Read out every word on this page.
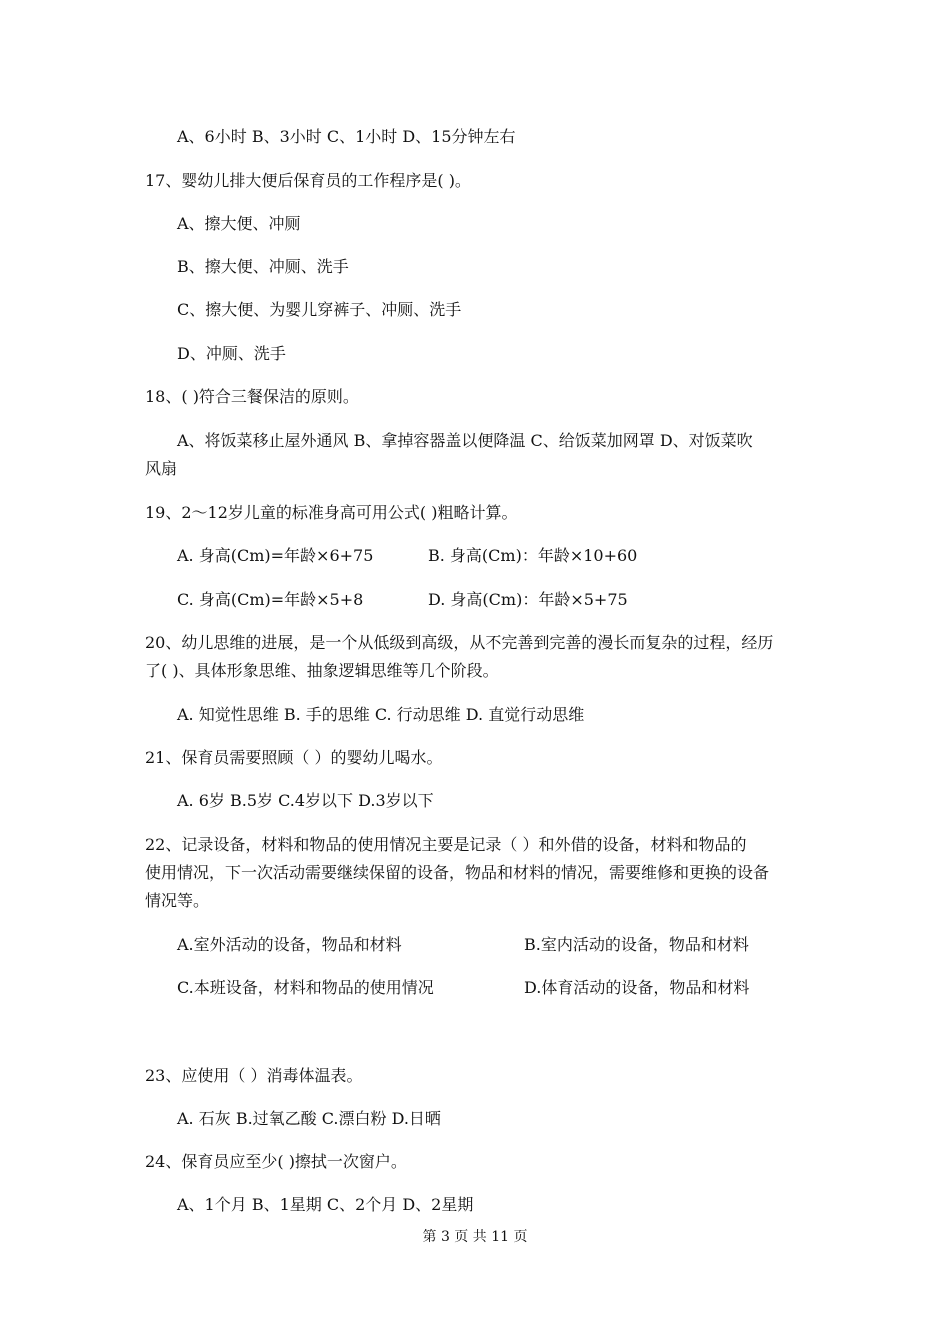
A、6小时 B、3小时 C、1小时 D、15分钟左右
17、婴幼儿排大便后保育员的工作程序是( )。
A、擦大便、冲厕
B、擦大便、冲厕、洗手
C、擦大便、为婴儿穿裤子、冲厕、洗手
D、冲厕、洗手
18、( )符合三餐保洁的原则。
A、将饭菜移止屋外通风 B、拿掉容器盖以便降温 C、给饭菜加网罩 D、对饭菜吹
风扇
19、2～12岁儿童的标准身高可用公式( )粗略计算。
A. 身高(Cm)=年龄×6+75	B. 身高(Cm)：年龄×10+60
C. 身高(Cm)=年龄×5+8	D. 身高(Cm)：年龄×5+75
20、幼儿思维的进展，是一个从低级到高级，从不完善到完善的漫长而复杂的过程，经历
了( )、具体形象思维、抽象逻辑思维等几个阶段。
A. 知觉性思维 B. 手的思维 C. 行动思维 D. 直觉行动思维
21、保育员需要照顾（ ）的婴幼儿喝水。
A. 6岁 B.5岁 C.4岁以下 D.3岁以下
22、记录设备，材料和物品的使用情况主要是记录（ ）和外借的设备，材料和物品的
使用情况，下一次活动需要继续保留的设备，物品和材料的情况，需要维修和更换的设备
情况等。
A.室外活动的设备，物品和材料	B.室内活动的设备，物品和材料
C.本班设备，材料和物品的使用情况	D.体育活动的设备，物品和材料
23、应使用（ ）消毒体温表。
A. 石灰 B.过氧乙酸 C.漂白粉 D.日晒
24、保育员应至少( )擦拭一次窗户。
A、1个月 B、1星期 C、2个月 D、2星期
第 3 页 共 11 页
